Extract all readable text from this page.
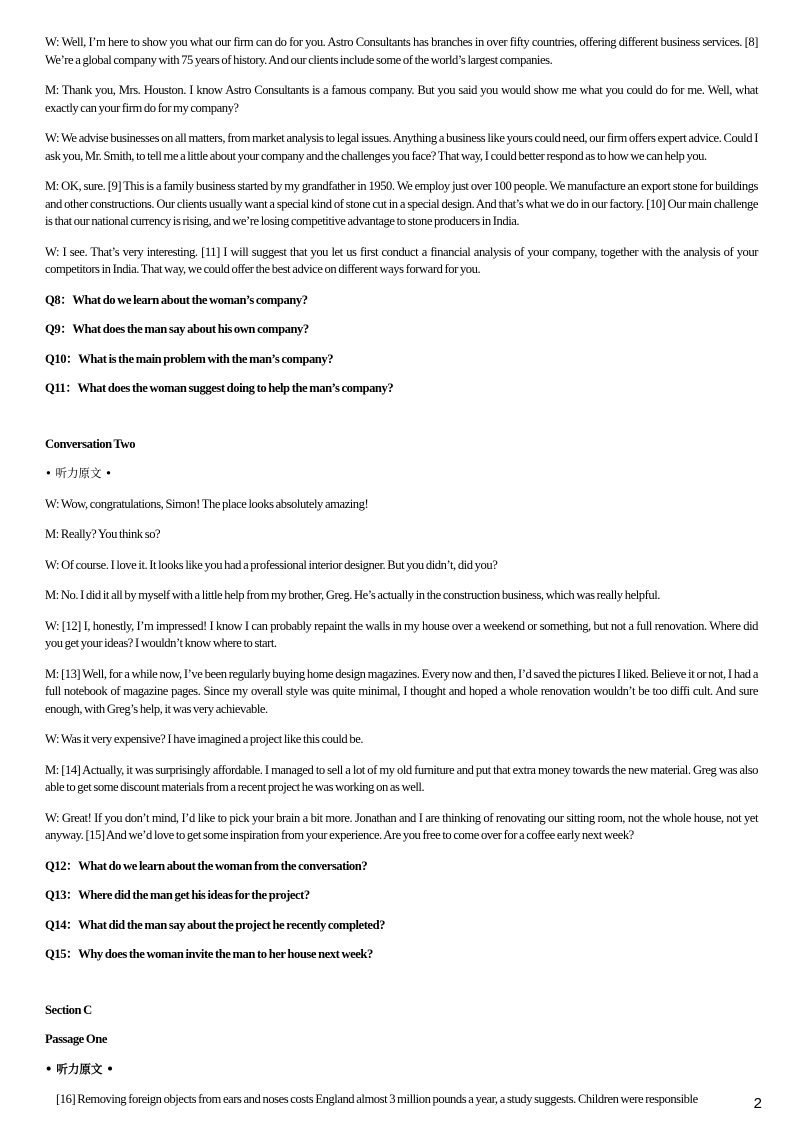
W: Well, I’m here to show you what our firm can do for you. Astro Consultants has branches in over fifty countries, offering different business services. [8] We’re a global company with 75 years of history. And our clients include some of the world’s largest companies.

M: Thank you, Mrs. Houston. I know Astro Consultants is a famous company. But you said you would show me what you could do for me. Well, what exactly can your firm do for my company?

W: We advise businesses on all matters, from market analysis to legal issues. Anything a business like yours could need, our firm offers expert advice. Could I ask you, Mr. Smith, to tell me a little about your company and the challenges you face? That way, I could better respond as to how we can help you.

M: OK, sure. [9] This is a family business started by my grandfather in 1950. We employ just over 100 people. We manufacture an export stone for buildings and other constructions. Our clients usually want a special kind of stone cut in a special design. And that’s what we do in our factory. [10] Our main challenge is that our national currency is rising, and we’re losing competitive advantage to stone producers in India.

W: I see. That’s very interesting. [11] I will suggest that you let us first conduct a financial analysis of your company, together with the analysis of your competitors in India. That way, we could offer the best advice on different ways forward for you.

Q8：What do we learn about the woman’s company?

Q9：What does the man say about his own company?

Q10：What is the main problem with the man’s company?

Q11：What does the woman suggest doing to help the man’s company?

Conversation Two

• 听力原文 •

W: Wow, congratulations, Simon! The place looks absolutely amazing!

M: Really? You think so?

W: Of course. I love it. It looks like you had a professional interior designer. But you didn’t, did you?

M: No. I did it all by myself with a little help from my brother, Greg. He’s actually in the construction business, which was really helpful.

W: [12] I, honestly, I’m impressed! I know I can probably repaint the walls in my house over a weekend or something, but not a full renovation. Where did you get your ideas? I wouldn’t know where to start.

M: [13] Well, for a while now, I’ve been regularly buying home design magazines. Every now and then, I’d saved the pictures I liked. Believe it or not, I had a full notebook of magazine pages. Since my overall style was quite minimal, I thought and hoped a whole renovation wouldn’t be too diffi cult. And sure enough, with Greg’s help, it was very achievable.

W: Was it very expensive? I have imagined a project like this could be.

M: [14] Actually, it was surprisingly affordable. I managed to sell a lot of my old furniture and put that extra money towards the new material. Greg was also able to get some discount materials from a recent project he was working on as well.

W: Great! If you don’t mind, I’d like to pick your brain a bit more. Jonathan and I are thinking of renovating our sitting room, not the whole house, not yet anyway. [15] And we’d love to get some inspiration from your experience. Are you free to come over for a coffee early next week?

Q12：What do we learn about the woman from the conversation?

Q13：Where did the man get his ideas for the project?

Q14：What did the man say about the project he recently completed?

Q15：Why does the woman invite the man to her house next week?

Section C

Passage One

• 听力原文 •

[16] Removing foreign objects from ears and noses costs England almost 3 million pounds a year, a study suggests. Children were responsible	2
